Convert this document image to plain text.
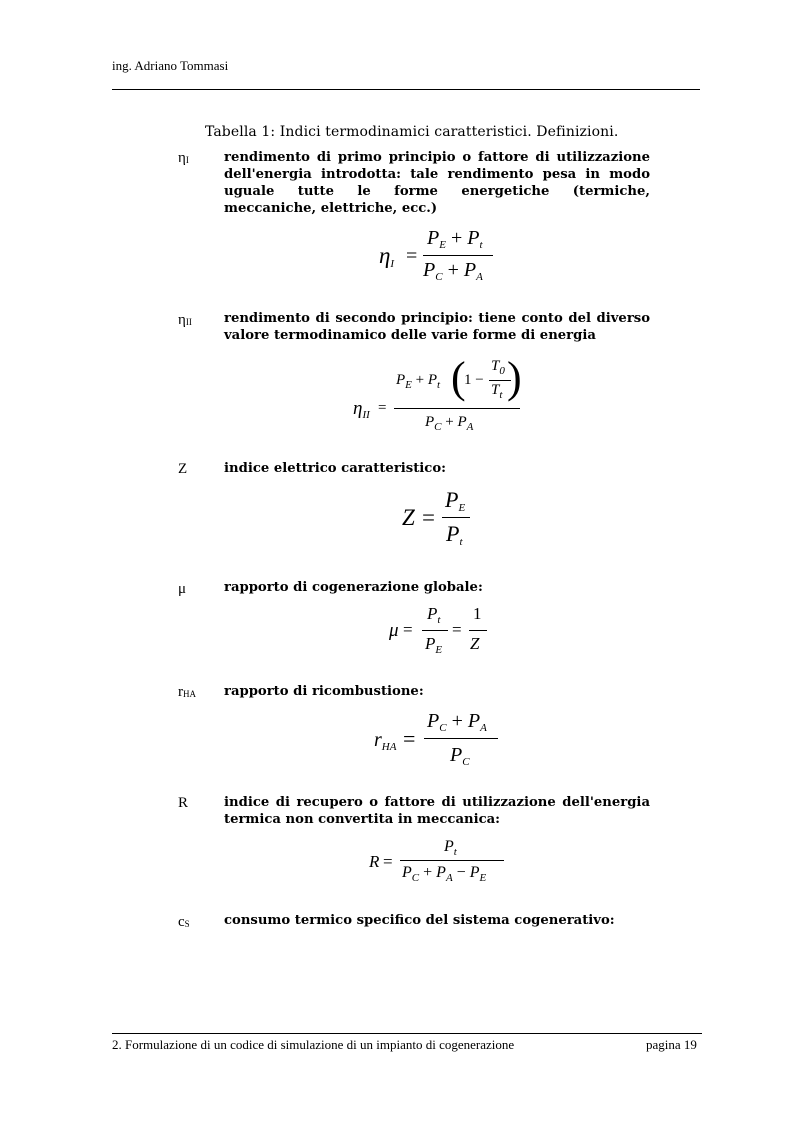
ing. Adriano Tommasi
Tabella 1: Indici termodinamici caratteristici. Definizioni.
$\eta_I$	rendimento di primo principio o fattore di utilizzazione dell'energia introdotta: tale rendimento pesa in modo uguale tutte le forme energetiche (termiche, meccaniche, elettriche, ecc.)
ηI =
$P_E + P_t$
$P_C + P_A$
$\eta_{II}$ rendimento di secondo principio: tiene conto del diverso valore termodinamico delle varie forme di energia
$\eta_{II}$ =
$P_E + P_t$ (
1 −
$T_0$
$T_t$ )
$P_C + P_A$
Z	indice elettrico caratteristico:
Z =
PE
Pt
μ	rapporto di cogenerazione globale:
μ =
$P_t$
$P_E$
=
1
Z
$r_{HA}$ rapporto di ricombustione:
$r_{HA}$ =
$P_C + P_A$
$P_C$
R	indice di recupero o fattore di utilizzazione dell'energia termica non convertita in meccanica:
R =
$P_t$
$P_C + P_A - P_E$
$c_S$	consumo termico specifico del sistema cogenerativo:
2. Formulazione di un codice di simulazione di un impianto di cogenerazione	pagina 19
